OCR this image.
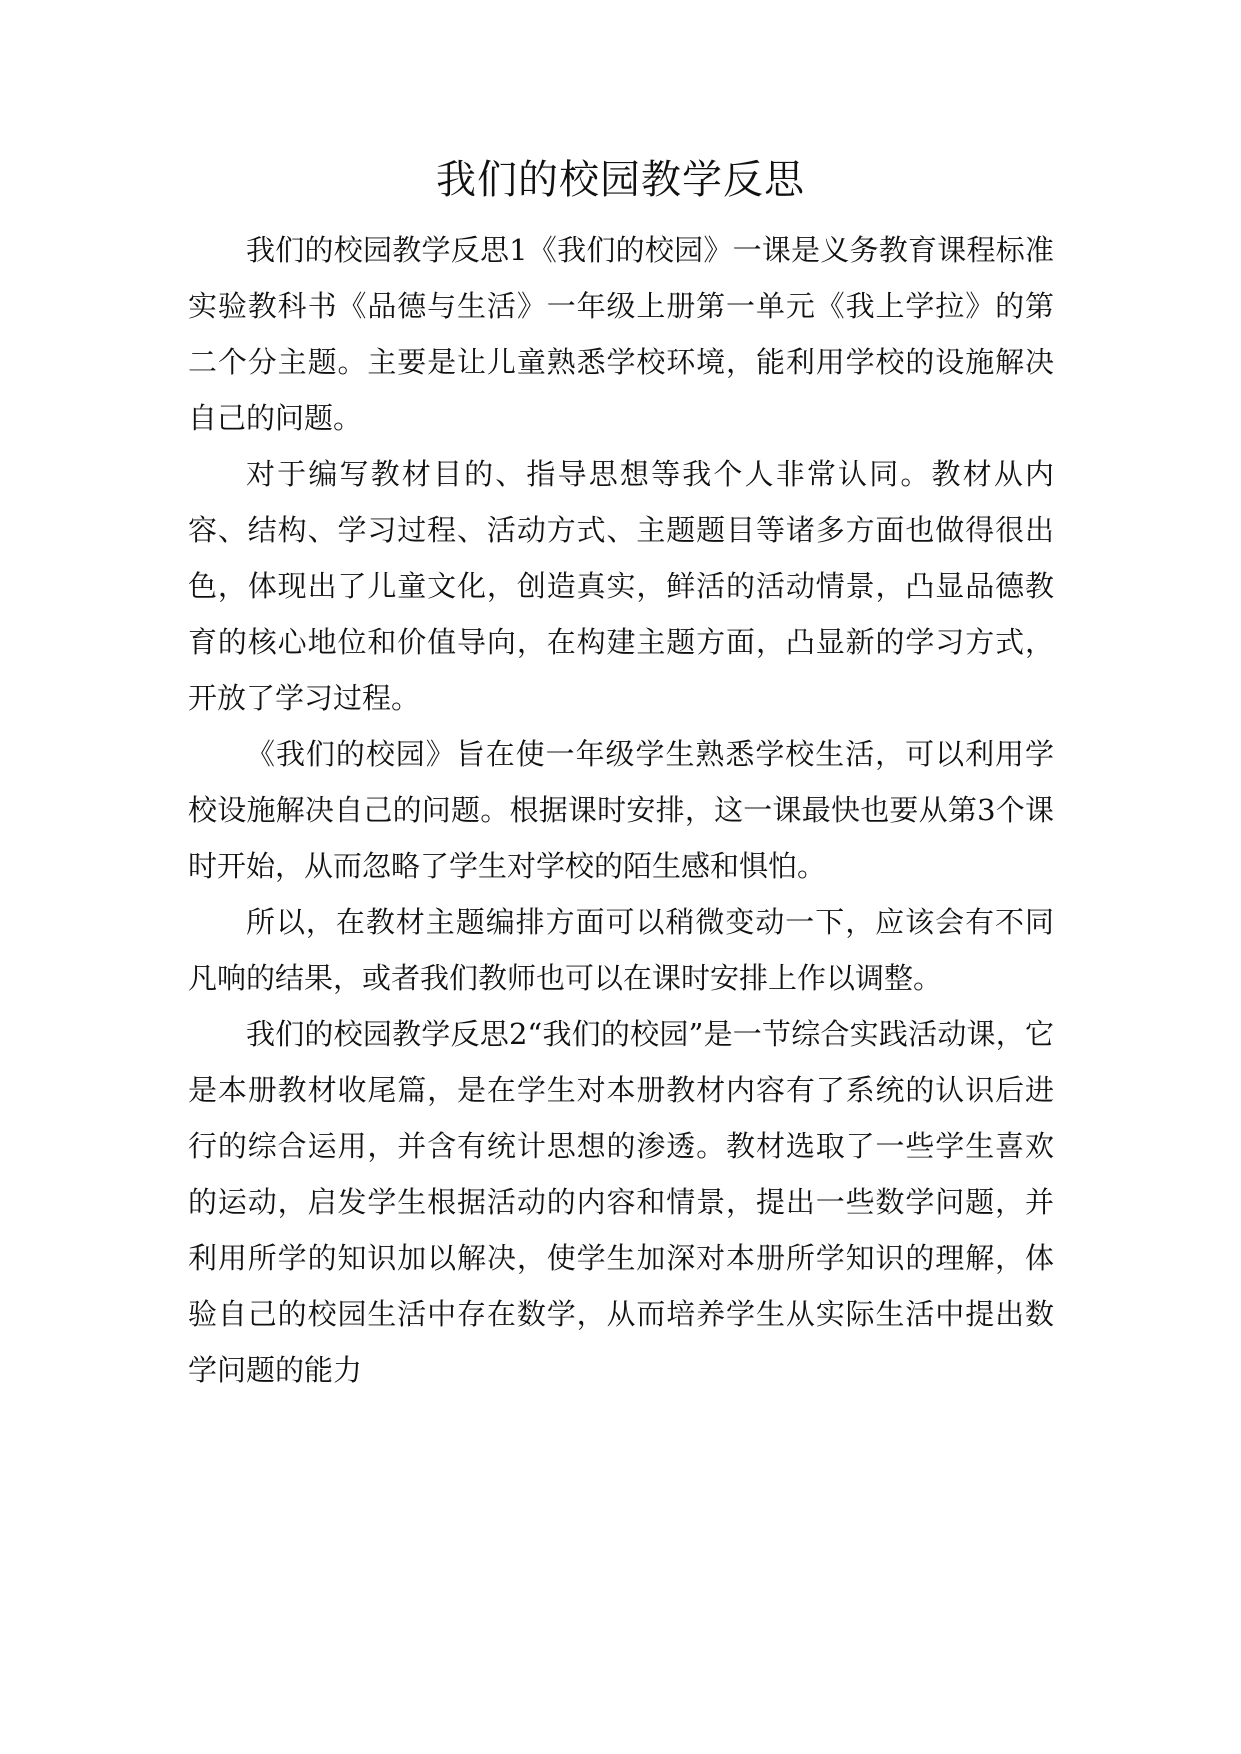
我们的校园教学反思

我们的校园教学反思1《我们的校园》一课是义务教育课程标准实验教科书《品德与生活》一年级上册第一单元《我上学拉》的第二个分主题。主要是让儿童熟悉学校环境，能利用学校的设施解决自己的问题。

对于编写教材目的、指导思想等我个人非常认同。教材从内容、结构、学习过程、活动方式、主题题目等诸多方面也做得很出色，体现出了儿童文化，创造真实，鲜活的活动情景，凸显品德教育的核心地位和价值导向，在构建主题方面，凸显新的学习方式，开放了学习过程。

《我们的校园》旨在使一年级学生熟悉学校生活，可以利用学校设施解决自己的问题。根据课时安排，这一课最快也要从第3个课时开始，从而忽略了学生对学校的陌生感和惧怕。

所以，在教材主题编排方面可以稍微变动一下，应该会有不同凡响的结果，或者我们教师也可以在课时安排上作以调整。

我们的校园教学反思2“我们的校园”是一节综合实践活动课，它是本册教材收尾篇，是在学生对本册教材内容有了系统的认识后进行的综合运用，并含有统计思想的渗透。教材选取了一些学生喜欢的运动，启发学生根据活动的内容和情景，提出一些数学问题，并利用所学的知识加以解决，使学生加深对本册所学知识的理解，体验自己的校园生活中存在数学，从而培养学生从实际生活中提出数学问题的能力
